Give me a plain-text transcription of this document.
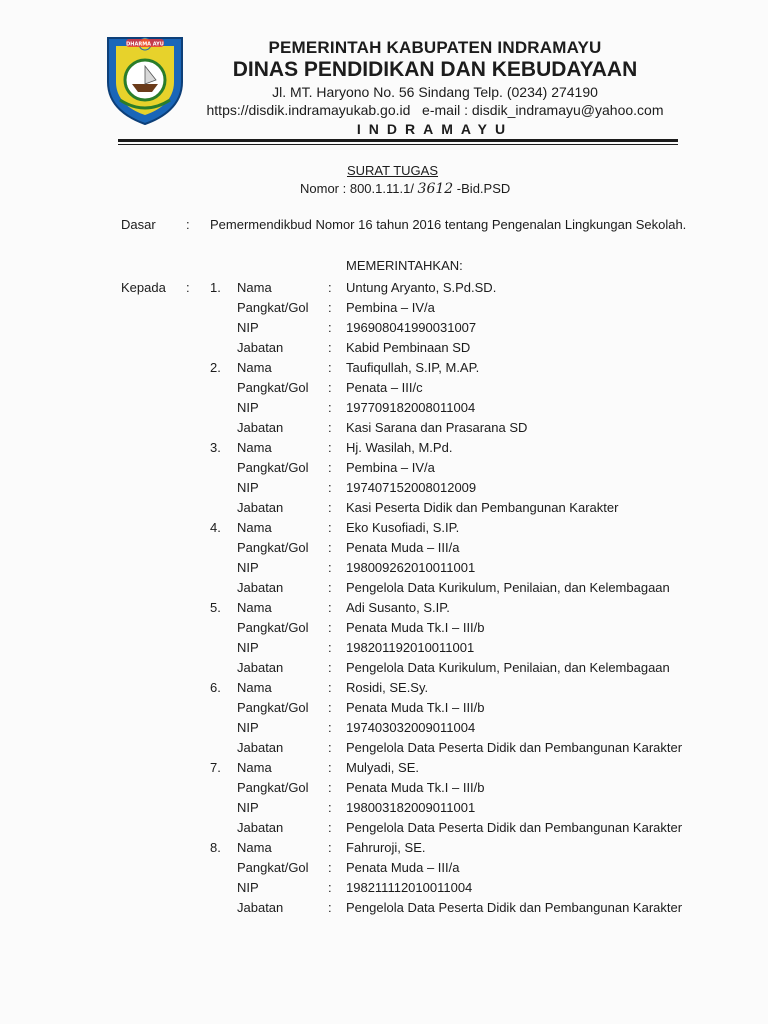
DHARMA AYU	PEMERINTAH KABUPATEN INDRAMAYU
DINAS PENDIDIKAN DAN KEBUDAYAAN
Jl. MT. Haryono No. 56 Sindang Telp. (0234) 274190
https://disdik.indramayukab.go.id   e-mail : disdik_indramayu@yahoo.com
INDRAMAYU
SURAT TUGAS
Nomor : 800.1.11.1/ 3612 -Bid.PSD
Dasar : Pemermendikbud Nomor 16 tahun 2016 tentang Pengenalan Lingkungan Sekolah.
MEMERINTAHKAN:
Kepada : 1. Nama	: Untung Aryanto, S.Pd.SD.
Pangkat/Gol : Pembina – IV/a
NIP	: 196908041990031007
Jabatan	: Kabid Pembinaan SD
2. Nama	: Taufiqullah, S.IP, M.AP.
Pangkat/Gol : Penata – III/c
NIP	: 197709182008011004
Jabatan	: Kasi Sarana dan Prasarana SD
3. Nama	: Hj. Wasilah, M.Pd.
Pangkat/Gol : Pembina – IV/a
NIP	: 197407152008012009
Jabatan	: Kasi Peserta Didik dan Pembangunan Karakter
4. Nama	: Eko Kusofiadi, S.IP.
Pangkat/Gol : Penata Muda – III/a
NIP	: 198009262010011001
Jabatan	: Pengelola Data Kurikulum, Penilaian, dan Kelembagaan
5. Nama	: Adi Susanto, S.IP.
Pangkat/Gol : Penata Muda Tk.I – III/b
NIP	: 198201192010011001
Jabatan	: Pengelola Data Kurikulum, Penilaian, dan Kelembagaan
6. Nama	: Rosidi, SE.Sy.
Pangkat/Gol : Penata Muda Tk.I – III/b
NIP	: 197403032009011004
Jabatan	: Pengelola Data Peserta Didik dan Pembangunan Karakter
7. Nama	: Mulyadi, SE.
Pangkat/Gol : Penata Muda Tk.I – III/b
NIP	: 198003182009011001
Jabatan	: Pengelola Data Peserta Didik dan Pembangunan Karakter
8. Nama	: Fahruroji, SE.
Pangkat/Gol : Penata Muda – III/a
NIP	: 198211112010011004
Jabatan	: Pengelola Data Peserta Didik dan Pembangunan Karakter
